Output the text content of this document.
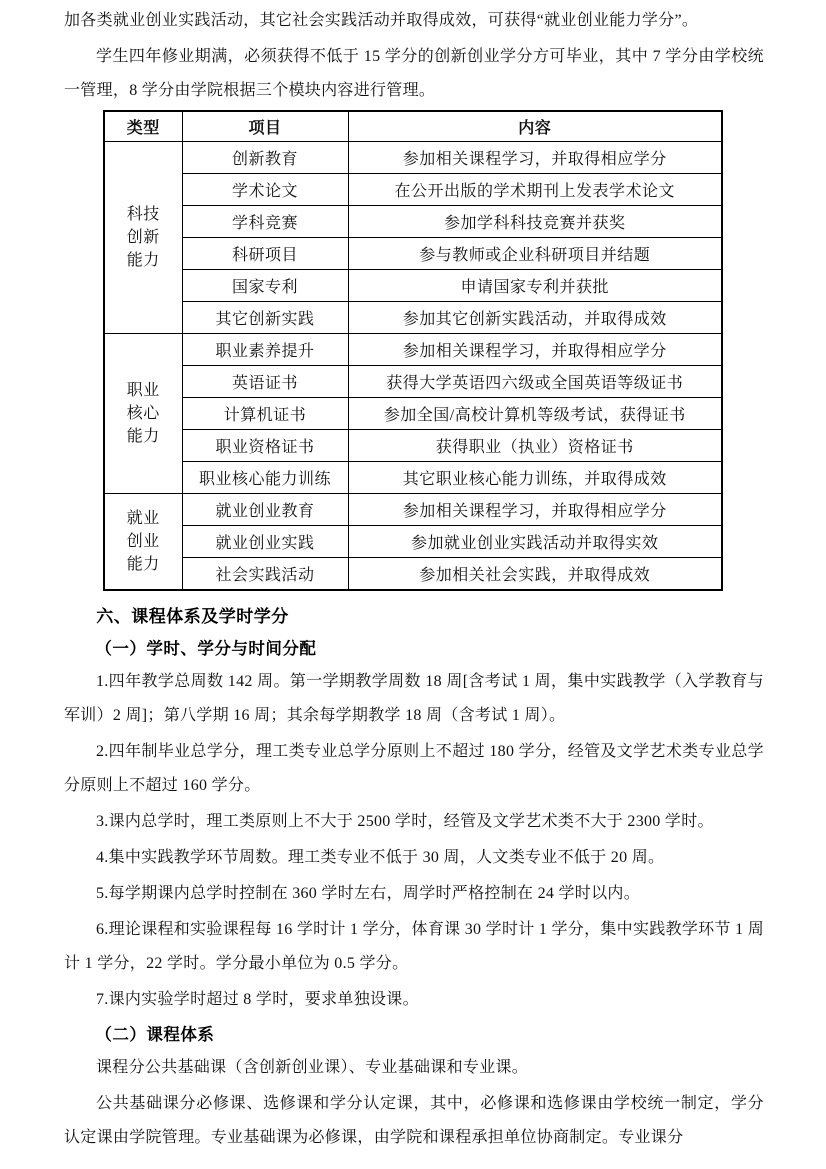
加各类就业创业实践活动，其它社会实践活动并取得成效，可获得“就业创业能力学分”。

学生四年修业期满，必须获得不低于 15 学分的创新创业学分方可毕业，其中 7 学分由学校统一管理，8 学分由学院根据三个模块内容进行管理。

类型	项目	内容
科技创新能力	创新教育	参加相关课程学习，并取得相应学分
	学术论文	在公开出版的学术期刊上发表学术论文
	学科竞赛	参加学科科技竞赛并获奖
	科研项目	参与教师或企业科研项目并结题
	国家专利	申请国家专利并获批
	其它创新实践	参加其它创新实践活动，并取得成效
职业核心能力	职业素养提升	参加相关课程学习，并取得相应学分
	英语证书	获得大学英语四六级或全国英语等级证书
	计算机证书	参加全国/高校计算机等级考试，获得证书
	职业资格证书	获得职业（执业）资格证书
	职业核心能力训练	其它职业核心能力训练，并取得成效
就业创业能力	就业创业教育	参加相关课程学习，并取得相应学分
	就业创业实践	参加就业创业实践活动并取得实效
	社会实践活动	参加相关社会实践，并取得成效
六、课程体系及学时学分
（一）学时、学分与时间分配

1.四年教学总周数 142 周。第一学期教学周数 18 周[含考试 1 周，集中实践教学（入学教育与军训）2 周]；第八学期 16 周；其余每学期教学 18 周（含考试 1 周）。

2.四年制毕业总学分，理工类专业总学分原则上不超过 180 学分，经管及文学艺术类专业总学分原则上不超过 160 学分。

3.课内总学时，理工类原则上不大于 2500 学时，经管及文学艺术类不大于 2300 学时。

4.集中实践教学环节周数。理工类专业不低于 30 周，人文类专业不低于 20 周。

5.每学期课内总学时控制在 360 学时左右，周学时严格控制在 24 学时以内。

6.理论课程和实验课程每 16 学时计 1 学分，体育课 30 学时计 1 学分，集中实践教学环节 1 周计 1 学分，22 学时。学分最小单位为 0.5 学分。

7.课内实验学时超过 8 学时，要求单独设课。

（二）课程体系

课程分公共基础课（含创新创业课）、专业基础课和专业课。

公共基础课分必修课、选修课和学分认定课，其中，必修课和选修课由学校统一制定，学分认定课由学院管理。专业基础课为必修课，由学院和课程承担单位协商制定。专业课分
